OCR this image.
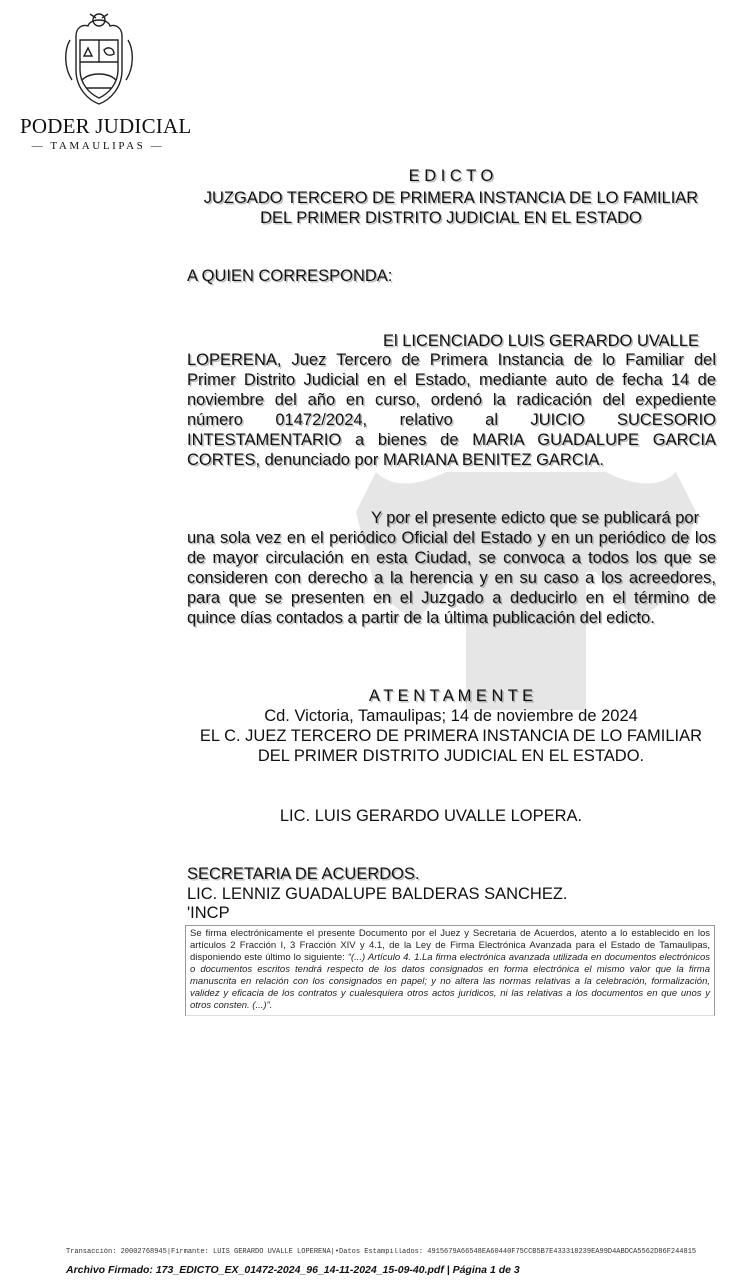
PODER JUDICIAL
— TAMAULIPAS —
E D I C T O
JUZGADO TERCERO DE PRIMERA INSTANCIA DE LO FAMILIAR
DEL PRIMER DISTRITO JUDICIAL EN EL ESTADO
A QUIEN CORRESPONDA:
El LICENCIADO LUIS GERARDO UVALLE
LOPERENA, Juez Tercero de Primera Instancia de lo Familiar del Primer Distrito Judicial en el Estado, mediante auto de fecha 14 de noviembre del año en curso, ordenó la radicación del expediente número 01472/2024, relativo al JUICIO SUCESORIO INTESTAMENTARIO a bienes de MARIA GUADALUPE GARCIA CORTES, denunciado por MARIANA BENITEZ GARCIA.
Y por el presente edicto que se publicará por
una sola vez en el periódico Oficial del Estado y en un periódico de los de mayor circulación en esta Ciudad, se convoca a todos los que se consideren con derecho a la herencia y en su caso a los acreedores, para que se presenten en el Juzgado a deducirlo en el término de quince días contados a partir de la última publicación del edicto.
A T E N T A M E N T E
Cd. Victoria, Tamaulipas; 14 de noviembre de 2024
EL C. JUEZ TERCERO DE PRIMERA INSTANCIA DE LO FAMILIAR
DEL PRIMER DISTRITO JUDICIAL EN EL ESTADO.
LIC. LUIS GERARDO UVALLE LOPERA.
SECRETARIA DE ACUERDOS.
LIC. LENNIZ GUADALUPE BALDERAS SANCHEZ.
'INCP
Se firma electrónicamente el presente Documento por el Juez y Secretaria de Acuerdos, atento a lo establecido en los artículos 2 Fracción I, 3 Fracción XIV y 4.1, de la Ley de Firma Electrónica Avanzada para el Estado de Tamaulipas, disponiendo este último lo siguiente: “(...) Artículo 4. 1.La firma electrónica avanzada utilizada en documentos electrónicos o documentos escritos tendrá respecto de los datos consignados en forma electrónica el mismo valor que la firma manuscrita en relación con los consignados en papel; y no altera las normas relativas a la celebración, formalización, validez y eficacia de los contratos y cualesquiera otros actos jurídicos, ni las relativas a los documentos en que unos y otros consten. (...)”.
Transacción: 20002768945|Firmante: LUIS GERARDO UVALLE LOPERENA|•Datos Estampillados: 4915679A66548EA60440F75CCB5B7E433318239EA99D4ABDCA5562D86F244815
Archivo Firmado: 173_EDICTO_EX_01472-2024_96_14-11-2024_15-09-40.pdf | Página 1 de 3
